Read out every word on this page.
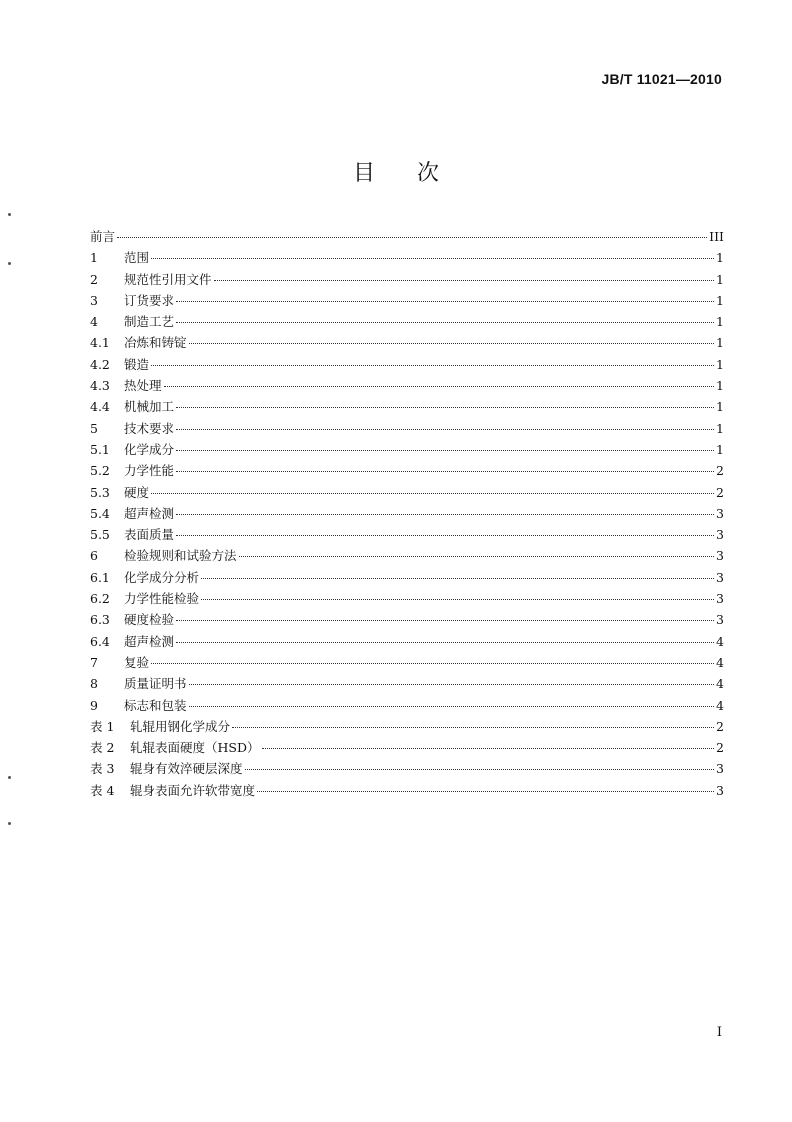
JB/T 11021—2010
目 次
前言	III
1	范围	1
2	规范性引用文件	1
3	订货要求	1
4	制造工艺	1
4.1	冶炼和铸锭	1
4.2	锻造	1
4.3	热处理	1
4.4	机械加工	1
5	技术要求	1
5.1	化学成分	1
5.2	力学性能	2
5.3	硬度	2
5.4	超声检测	3
5.5	表面质量	3
6	检验规则和试验方法	3
6.1	化学成分分析	3
6.2	力学性能检验	3
6.3	硬度检验	3
6.4	超声检测	4
7	复验	4
8	质量证明书	4
9	标志和包装	4
表 1	轧辊用钢化学成分	2
表 2	轧辊表面硬度（HSD）	2
表 3	辊身有效淬硬层深度	3
表 4	辊身表面允许软带宽度	3
I
